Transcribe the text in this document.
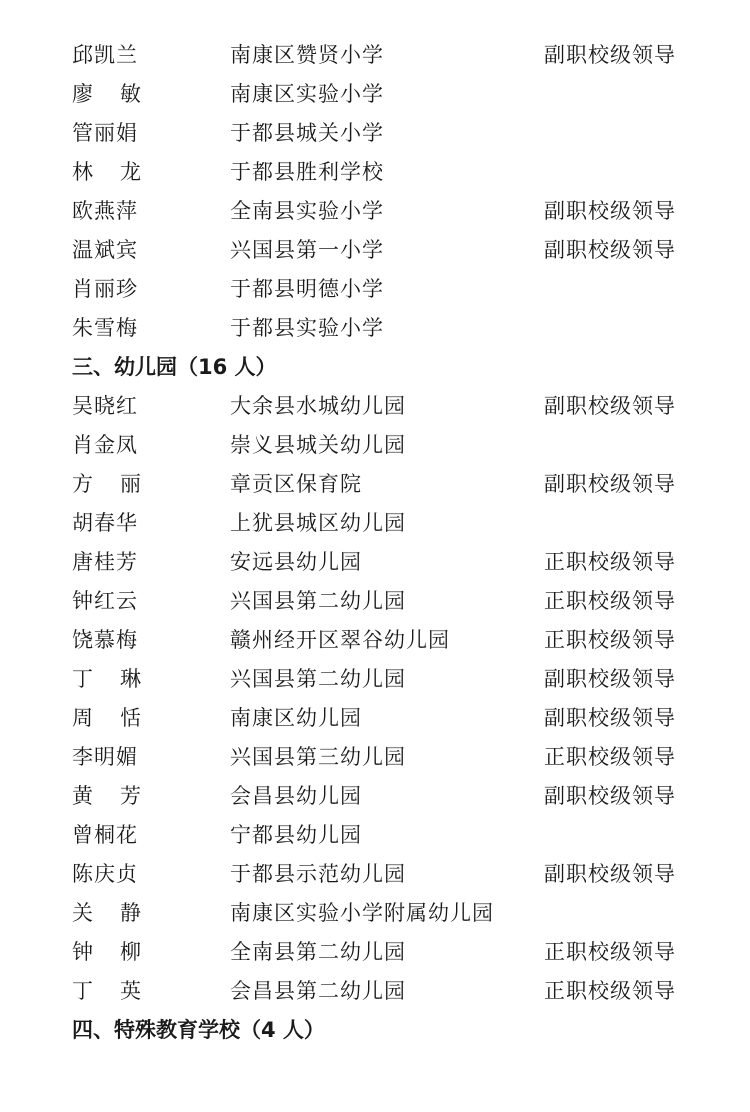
邱凯兰	南康区赞贤小学	副职校级领导
廖 敏	南康区实验小学
管丽娟	于都县城关小学
林 龙	于都县胜利学校
欧燕萍	全南县实验小学	副职校级领导
温斌宾	兴国县第一小学	副职校级领导
肖丽珍	于都县明德小学
朱雪梅	于都县实验小学
三、幼儿园（16 人）
吴晓红	大余县水城幼儿园	副职校级领导
肖金凤	崇义县城关幼儿园
方 丽	章贡区保育院	副职校级领导
胡春华	上犹县城区幼儿园
唐桂芳	安远县幼儿园	正职校级领导
钟红云	兴国县第二幼儿园	正职校级领导
饶慕梅	赣州经开区翠谷幼儿园	正职校级领导
丁 琳	兴国县第二幼儿园	副职校级领导
周 恬	南康区幼儿园	副职校级领导
李明媚	兴国县第三幼儿园	正职校级领导
黄 芳	会昌县幼儿园	副职校级领导
曾桐花	宁都县幼儿园
陈庆贞	于都县示范幼儿园	副职校级领导
关 静	南康区实验小学附属幼儿园
钟 柳	全南县第二幼儿园	正职校级领导
丁 英	会昌县第二幼儿园	正职校级领导
四、特殊教育学校（4 人）
